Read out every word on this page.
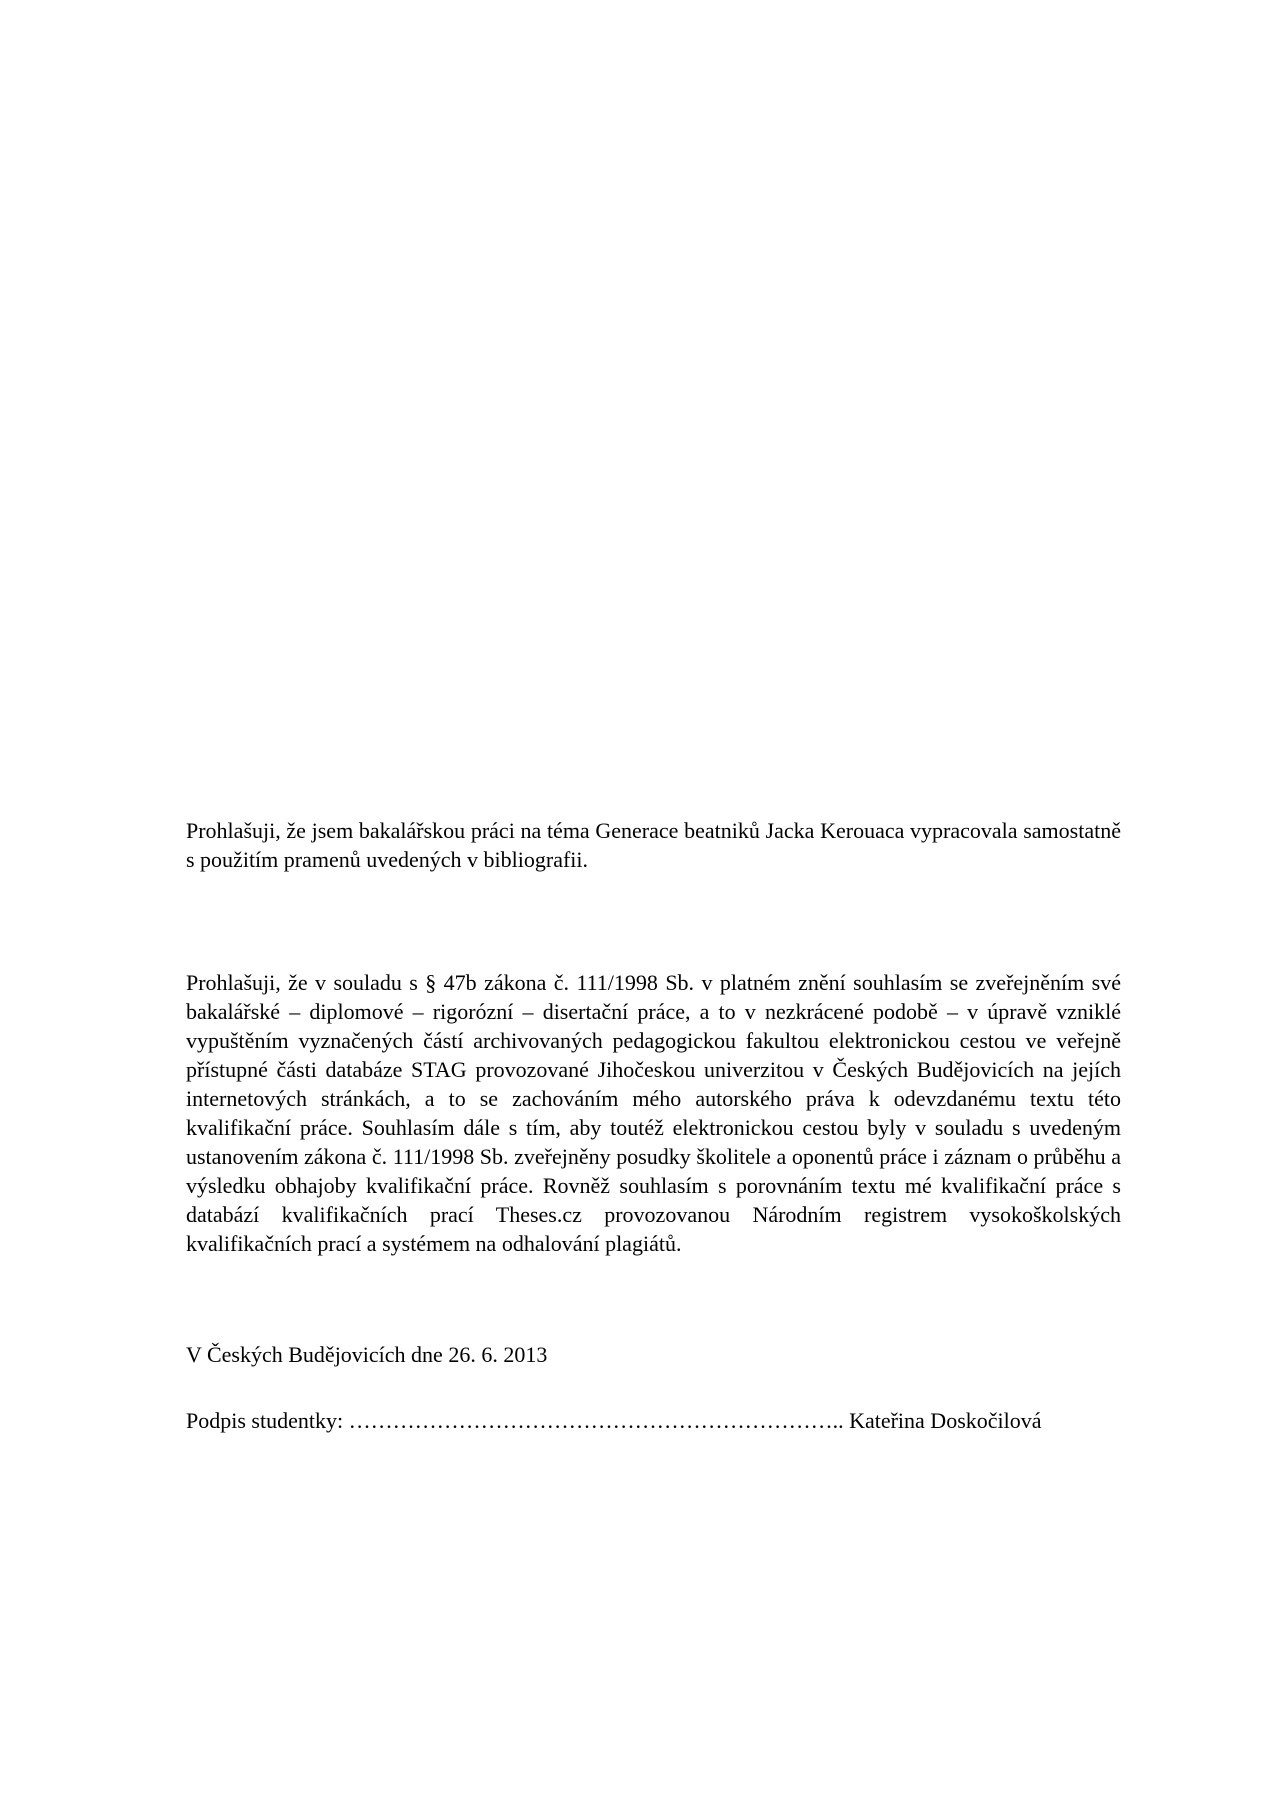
Prohlašuji, že jsem bakalářskou práci na téma Generace beatniků Jacka Kerouaca vypracovala samostatně s použitím pramenů uvedených v bibliografii.

Prohlašuji, že v souladu s § 47b zákona č. 111/1998 Sb. v platném znění souhlasím se zveřejněním své bakalářské – diplomové – rigorózní – disertační práce, a to v nezkrácené podobě – v úpravě vzniklé vypuštěním vyznačených částí archivovaných pedagogickou fakultou elektronickou cestou ve veřejně přístupné části databáze STAG provozované Jihočeskou univerzitou v Českých Budějovicích na jejích internetových stránkách, a to se zachováním mého autorského práva k odevzdanému textu této kvalifikační práce. Souhlasím dále s tím, aby toutéž elektronickou cestou byly v souladu s uvedeným ustanovením zákona č. 111/1998 Sb. zveřejněny posudky školitele a oponentů práce i záznam o průběhu a výsledku obhajoby kvalifikační práce. Rovněž souhlasím s porovnáním textu mé kvalifikační práce s databází kvalifikačních prací Theses.cz provozovanou Národním registrem vysokoškolských kvalifikačních prací a systémem na odhalování plagiátů.

V Českých Budějovicích dne 26. 6. 2013

Podpis studentky: ………………………………………………………….. Kateřina Doskočilová
